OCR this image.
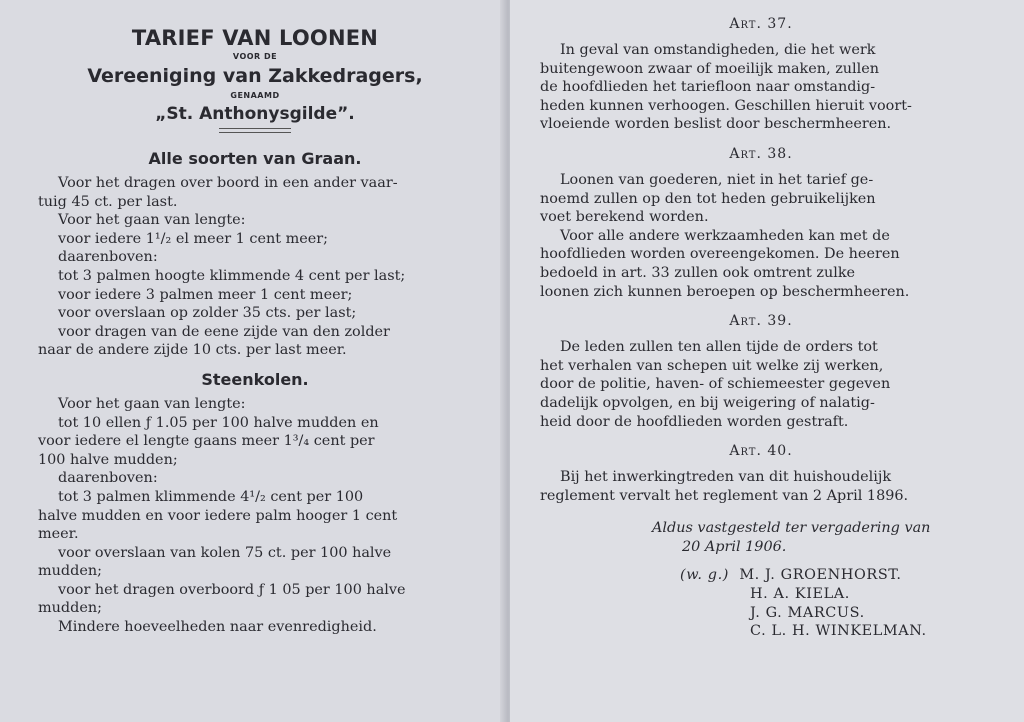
TARIEF VAN LOONEN
VOOR DE
Vereeniging van Zakkedragers,
GENAAMD
„St. Anthonysgilde”.
Alle soorten van Graan.
Voor het dragen over boord in een ander vaar-
tuig 45 ct. per last.
Voor het gaan van lengte:
voor iedere 1¹/₂ el meer 1 cent meer;
daarenboven:
tot 3 palmen hoogte klimmende 4 cent per last;
voor iedere 3 palmen meer 1 cent meer;
voor overslaan op zolder 35 cts. per last;
voor dragen van de eene zijde van den zolder
naar de andere zijde 10 cts. per last meer.
Steenkolen.
Voor het gaan van lengte:
tot 10 ellen ƒ 1.05 per 100 halve mudden en
voor iedere el lengte gaans meer 1³/₄ cent per
100 halve mudden;
daarenboven:
tot 3 palmen klimmende 4¹/₂ cent per 100
halve mudden en voor iedere palm hooger 1 cent
meer.
voor overslaan van kolen 75 ct. per 100 halve
mudden;
voor het dragen overboord ƒ 1 05 per 100 halve
mudden;
Mindere hoeveelheden naar evenredigheid.
Art. 37.
In geval van omstandigheden, die het werk
buitengewoon zwaar of moeilijk maken, zullen
de hoofdlieden het tariefloon naar omstandig-
heden kunnen verhoogen. Geschillen hieruit voort-
vloeiende worden beslist door beschermheeren.
Art. 38.
Loonen van goederen, niet in het tarief ge-
noemd zullen op den tot heden gebruikelijken
voet berekend worden.
Voor alle andere werkzaamheden kan met de
hoofdlieden worden overeengekomen. De heeren
bedoeld in art. 33 zullen ook omtrent zulke
loonen zich kunnen beroepen op beschermheeren.
Art. 39.
De leden zullen ten allen tijde de orders tot
het verhalen van schepen uit welke zij werken,
door de politie, haven- of schiemeester gegeven
dadelijk opvolgen, en bij weigering of nalatig-
heid door de hoofdlieden worden gestraft.
Art. 40.
Bij het inwerkingtreden van dit huishoudelijk
reglement vervalt het reglement van 2 April 1896.
Aldus vastgesteld ter vergadering van
20 April 1906.
(w. g.) M. J. GROENHORST.
H. A. KIELA.
J. G. MARCUS.
C. L. H. WINKELMAN.
